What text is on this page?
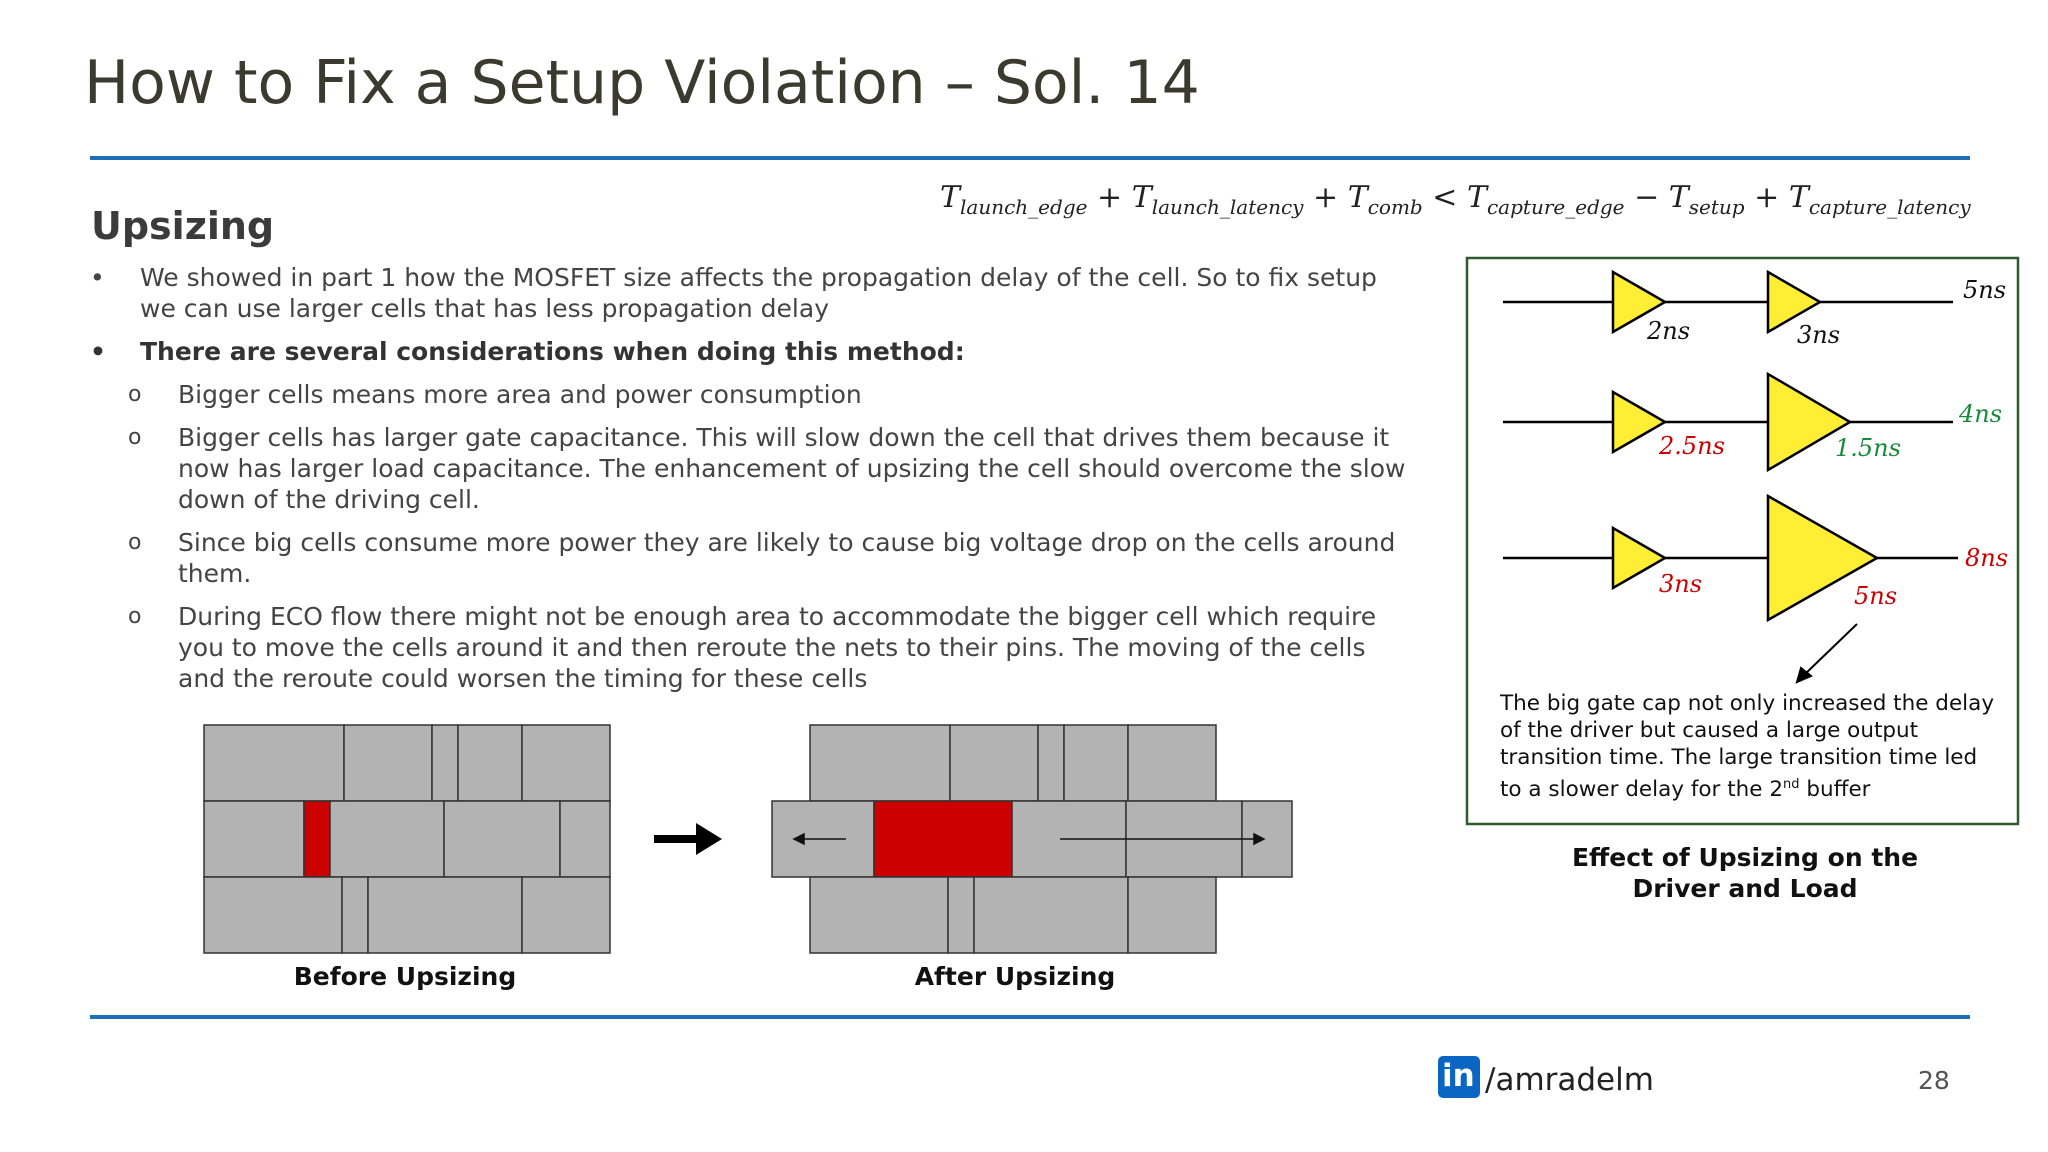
How to Fix a Setup Violation – Sol. 14
$T_{launch\_edge} + T_{launch\_latency} + T_{comb} < T_{capture\_edge} - T_{setup} + T_{capture\_latency}$
Upsizing
• We showed in part 1 how the MOSFET size affects the propagation delay of the cell. So to fix setup we can use larger cells that has less propagation delay
• There are several considerations when doing this method:
o Bigger cells means more area and power consumption
o Bigger cells has larger gate capacitance. This will slow down the cell that drives them because it now has larger load capacitance. The enhancement of upsizing the cell should overcome the slow down of the driving cell.
o Since big cells consume more power they are likely to cause big voltage drop on the cells around them.
o During ECO flow there might not be enough area to accommodate the bigger cell which require you to move the cells around it and then reroute the nets to their pins. The moving of the cells and the reroute could worsen the timing for these cells
Before Upsizing	After Upsizing
2ns	3ns
5ns
2.5ns	1.5ns
4ns
3ns	5ns
8ns
The big gate cap not only increased the delay of the driver but caused a large output transition time. The large transition time led to a slower delay for the 2nd buffer
Effect of Upsizing on the Driver and Load
in /amradelm	28
